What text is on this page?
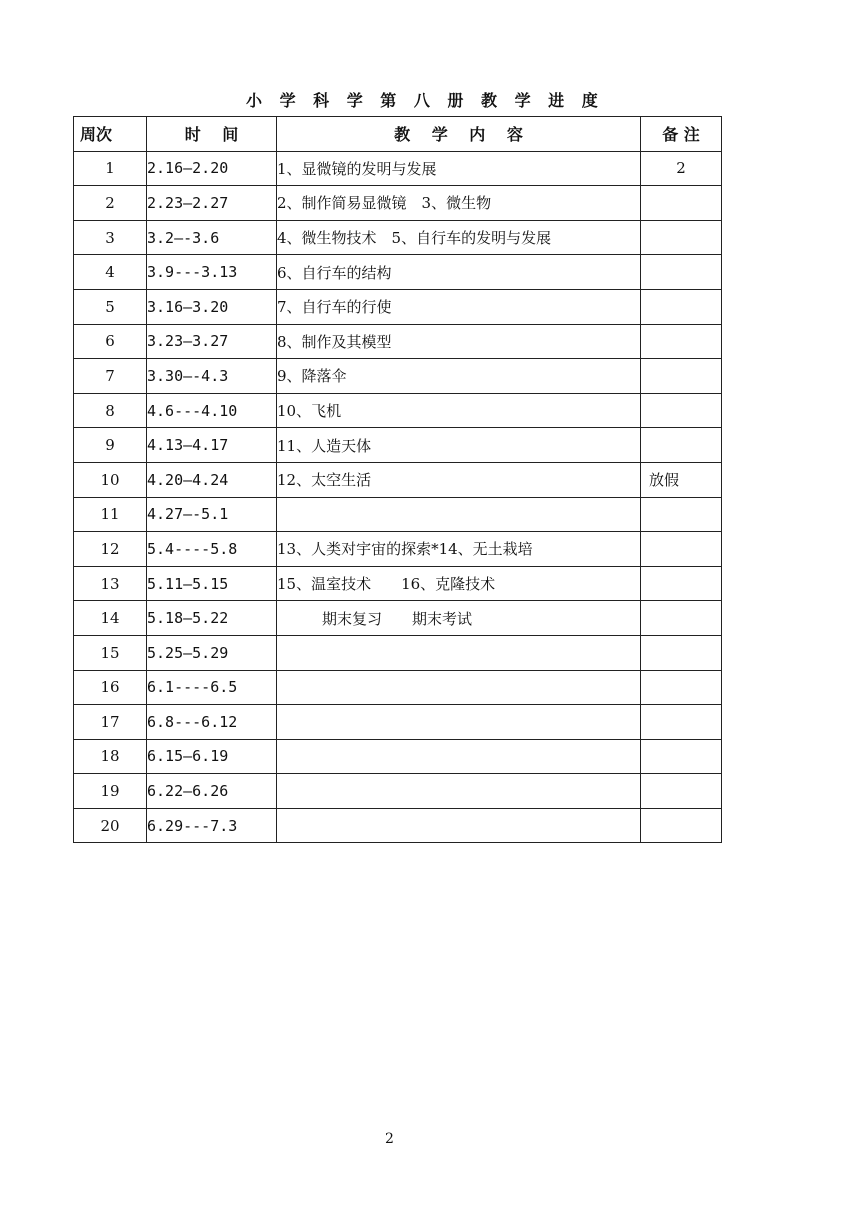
小 学 科 学 第 八 册 教 学 进 度
周次	时　 间	教　 学　 内　 容	备 注
1	2.16—2.20	1、显微镜的发明与发展	2
2	2.23—2.27	2、制作简易显微镜　3、微生物	
3	3.2—-3.6	4、微生物技术　5、自行车的发明与发展	
4	3.9---3.13	6、自行车的结构	
5	3.16—3.20	7、自行车的行使	
6	3.23—3.27	8、制作及其模型	
7	3.30—-4.3	9、降落伞	
8	4.6---4.10	10、飞机	
9	4.13—4.17	11、人造天体	
10	4.20—4.24	12、太空生活	放假
11	4.27—-5.1		
12	5.4----5.8	13、人类对宇宙的探索*14、无土栽培	
13	5.11—5.15	15、温室技术　　16、克隆技术	
14	5.18—5.22	　　　期末复习　　期末考试	
15	5.25—5.29		
16	6.1----6.5		
17	6.8---6.12		
18	6.15—6.19		
19	6.22—6.26		
20	6.29---7.3		
2
